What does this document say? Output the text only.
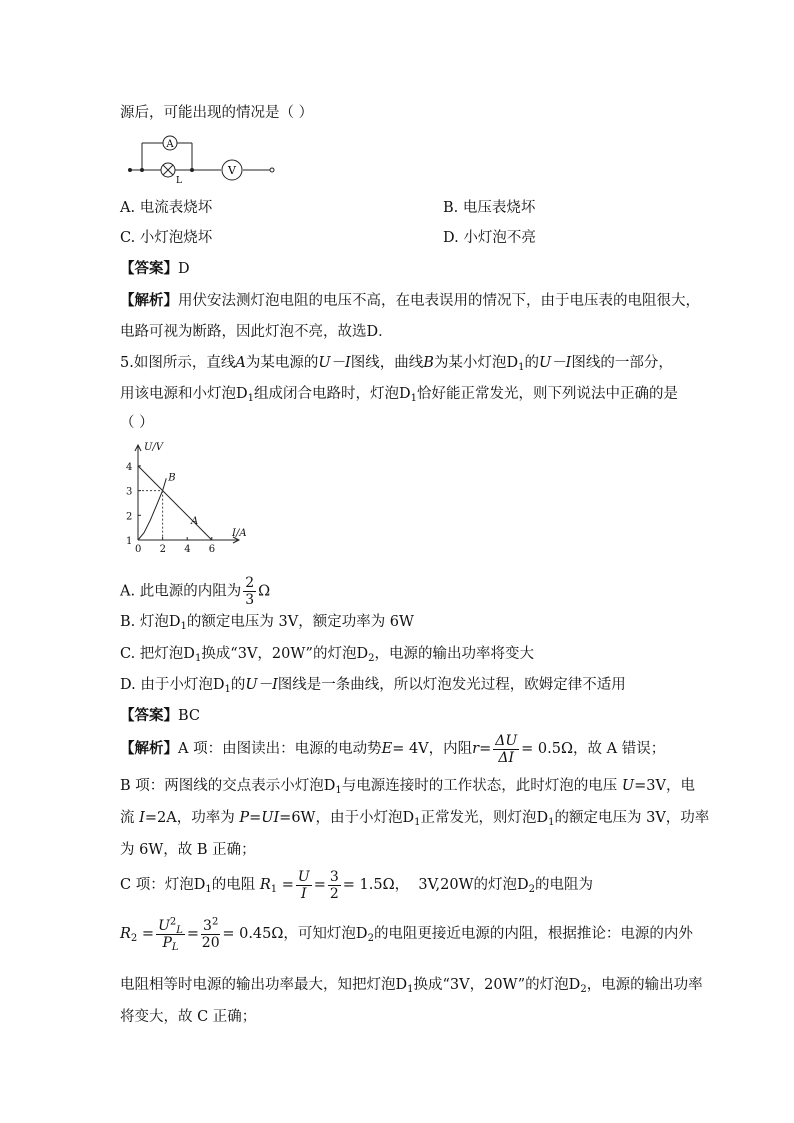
源后，可能出现的情况是（ ）
A
V
L
A. 电流表烧坏	B. 电压表烧坏
C. 小灯泡烧坏	D. 小灯泡不亮
【答案】D
【解析】用伏安法测灯泡电阻的电压不高，在电表误用的情况下，由于电压表的电阻很大，
电路可视为断路，因此灯泡不亮，故选D．
5.如图所示，直线A为某电源的U－I图线，曲线B为某小灯泡$D_1$的U－I图线的一部分，
用该电源和小灯泡$D_1$组成闭合电路时，灯泡$D_1$恰好能正常发光，则下列说法中正确的是
（ ）
U/V
I/A
1
2
3
4
0 2 4 6
A
B
A. 此电源的内阻为 $\frac{2}{3}$ Ω
B. 灯泡$D_1$的额定电压为 3V，额定功率为 6W
C. 把灯泡$D_1$换成“3V，20W”的灯泡$D_2$，电源的输出功率将变大
D. 由于小灯泡$D_1$的U－I图线是一条曲线，所以灯泡发光过程，欧姆定律不适用
【答案】BC
【解析】A 项：由图读出：电源的电动势E= 4V，内阻$r= \frac{\Delta U}{\Delta I} = 0.5\Omega$，故 A 错误；
B 项：两图线的交点表示小灯泡$D_1$与电源连接时的工作状态，此时灯泡的电压 U=3V，电
流 I=2A，功率为 P=UI=6W，由于小灯泡$D_1$正常发光，则灯泡$D_1$的额定电压为 3V，功率
为 6W，故 B 正确；
C 项：灯泡$D_1$的电阻 $R_1 = \frac{U}{I} = \frac{3}{2} = 1.5\Omega$， 3V,20W的灯泡$D_2$的电阻为
$R_2 = \frac{U^2_L}{P_L} = \frac{3^2}{20} = 0.45\Omega$，可知灯泡$D_2$的电阻更接近电源的内阻，根据推论：电源的内外
电阻相等时电源的输出功率最大，知把灯泡$D_1$换成“3V，20W”的灯泡$D_2$，电源的输出功率
将变大，故 C 正确；
